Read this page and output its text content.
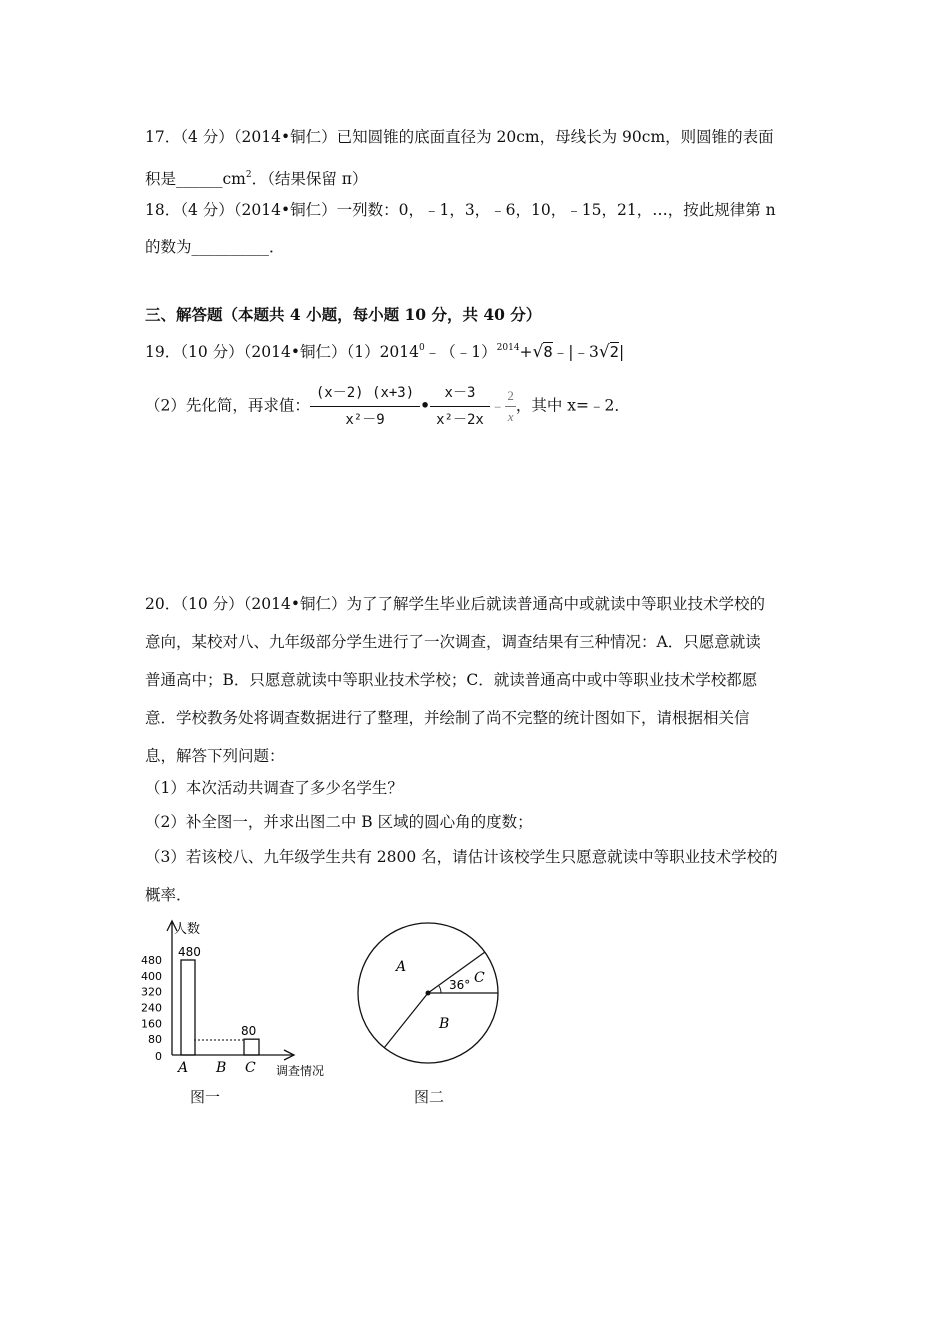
17．（4 分）（2014•铜仁）已知圆锥的底面直径为 20cm，母线长为 90cm，则圆锥的表面
积是$\_\_\_\_\_\_cm^2$．（结果保留 π）
18．（4 分）（2014•铜仁）一列数：0，﹣1，3，﹣6，10，﹣15，21，…，按此规律第 n
的数为__________．
三、解答题（本题共 4 小题，每小题 10 分，共 40 分）
19．（10 分）（2014•铜仁）$(1)2014^0﹣(﹣1)^{2014}+√8﹣|﹣3√2|$
（2）先化简，再求值： $\frac{(x-2) (x+3)}{\text{x²－9}}$ • $\frac{x-3}{\text{x²－2x}}$ ﹣ $\frac{2}{x}$ ，其中 x=﹣2．
20．（10 分）（2014•铜仁）为了了解学生毕业后就读普通高中或就读中等职业技术学校的
意向，某校对八、九年级部分学生进行了一次调查，调查结果有三种情况：A．只愿意就读
普通高中；B．只愿意就读中等职业技术学校；C．就读普通高中或中等职业技术学校都愿
意．学校教务处将调查数据进行了整理，并绘制了尚不完整的统计图如下，请根据相关信
息，解答下列问题：
（1）本次活动共调查了多少名学生？
（2）补全图一，并求出图二中 B 区域的圆心角的度数；
（3）若该校八、九年级学生共有 2800 名，请估计该校学生只愿意就读中等职业技术学校的
概率．
人数
调查情况
0
80
160
240
320
400
480
480
80
A B C
图一
A
B
C
36°
图二
